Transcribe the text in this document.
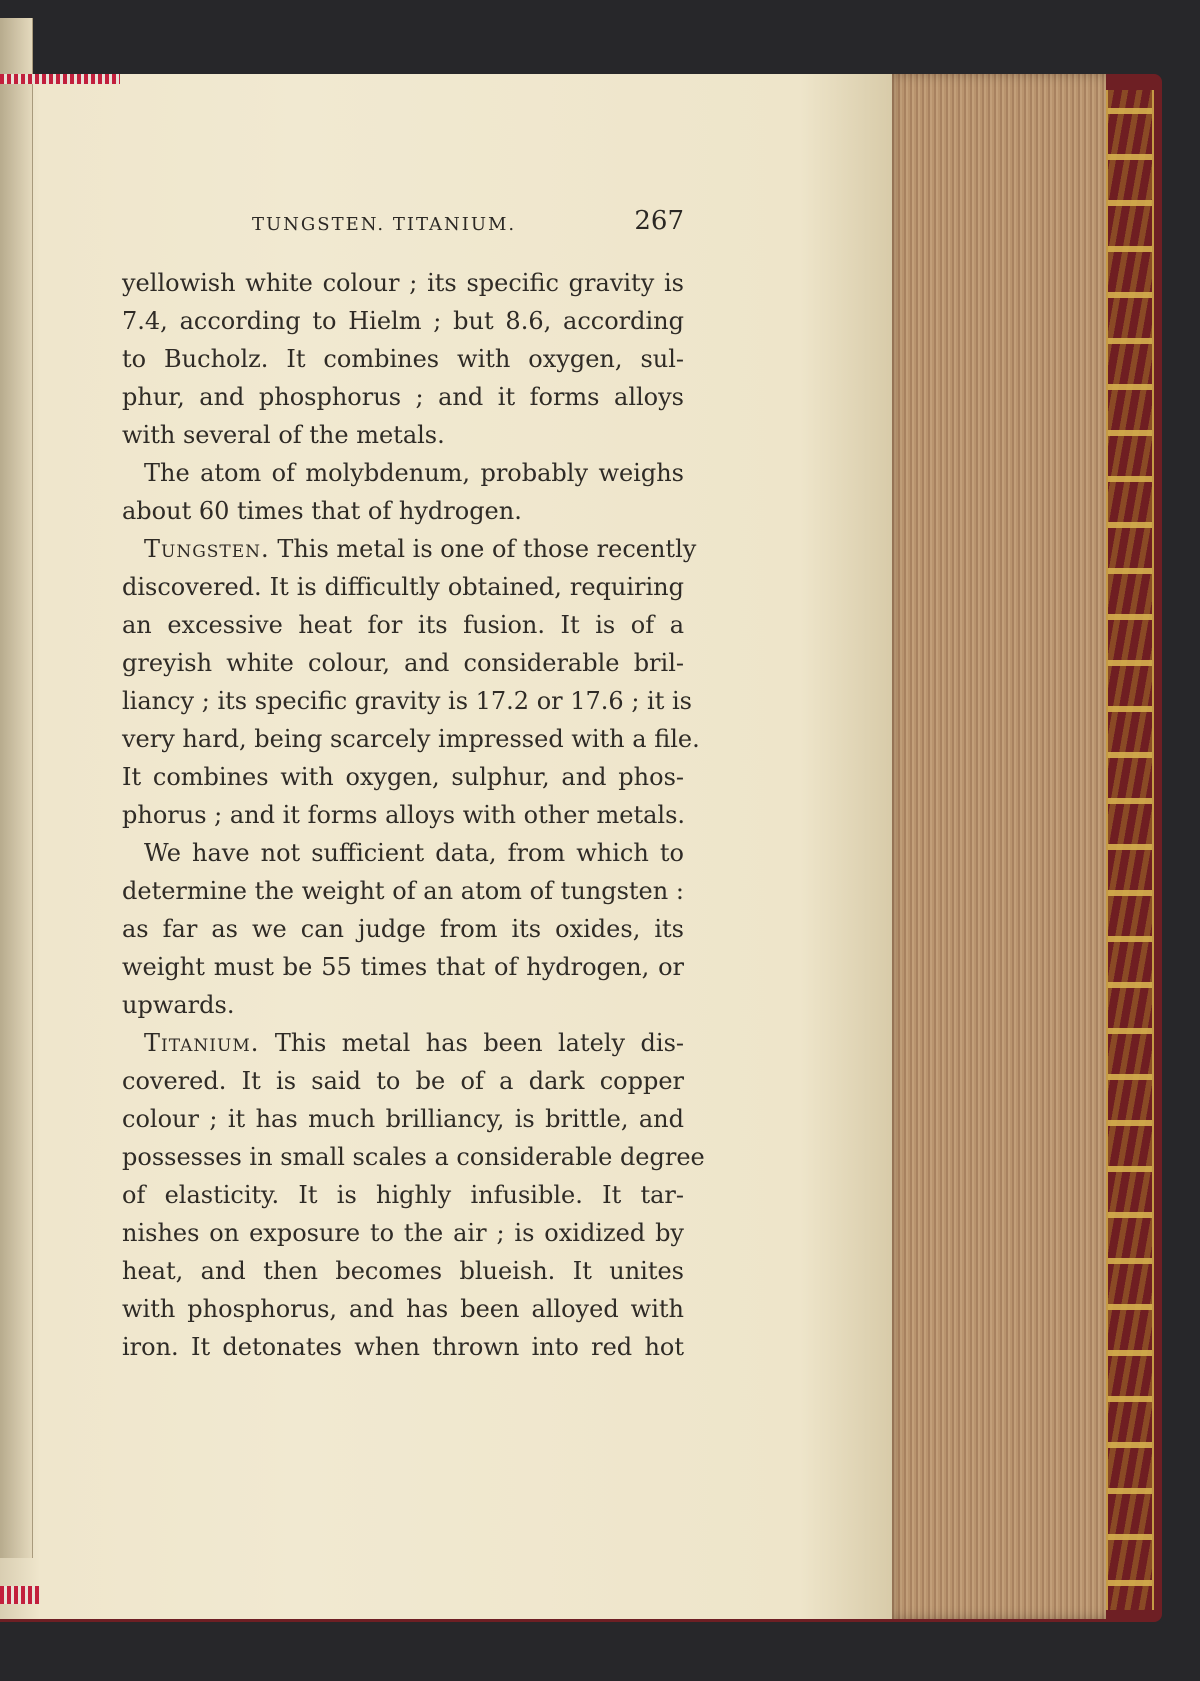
TUNGSTEN. TITANIUM.	267
yellowish white colour ; its specific gravity is
7.4, according to Hielm ; but 8.6, according
to Bucholz. It combines with oxygen, sul-
phur, and phosphorus ; and it forms alloys
with several of the metals.
The atom of molybdenum, probably weighs
about 60 times that of hydrogen.
Tungsten. This metal is one of those recently
discovered. It is difficultly obtained, requiring
an excessive heat for its fusion. It is of a
greyish white colour, and considerable bril-
liancy ; its specific gravity is 17.2 or 17.6 ; it is
very hard, being scarcely impressed with a file.
It combines with oxygen, sulphur, and phos-
phorus ; and it forms alloys with other metals.
We have not sufficient data, from which to
determine the weight of an atom of tungsten :
as far as we can judge from its oxides, its
weight must be 55 times that of hydrogen, or
upwards.
Titanium. This metal has been lately dis-
covered. It is said to be of a dark copper
colour ; it has much brilliancy, is brittle, and
possesses in small scales a considerable degree
of elasticity. It is highly infusible. It tar-
nishes on exposure to the air ; is oxidized by
heat, and then becomes blueish. It unites
with phosphorus, and has been alloyed with
iron. It detonates when thrown into red hot
